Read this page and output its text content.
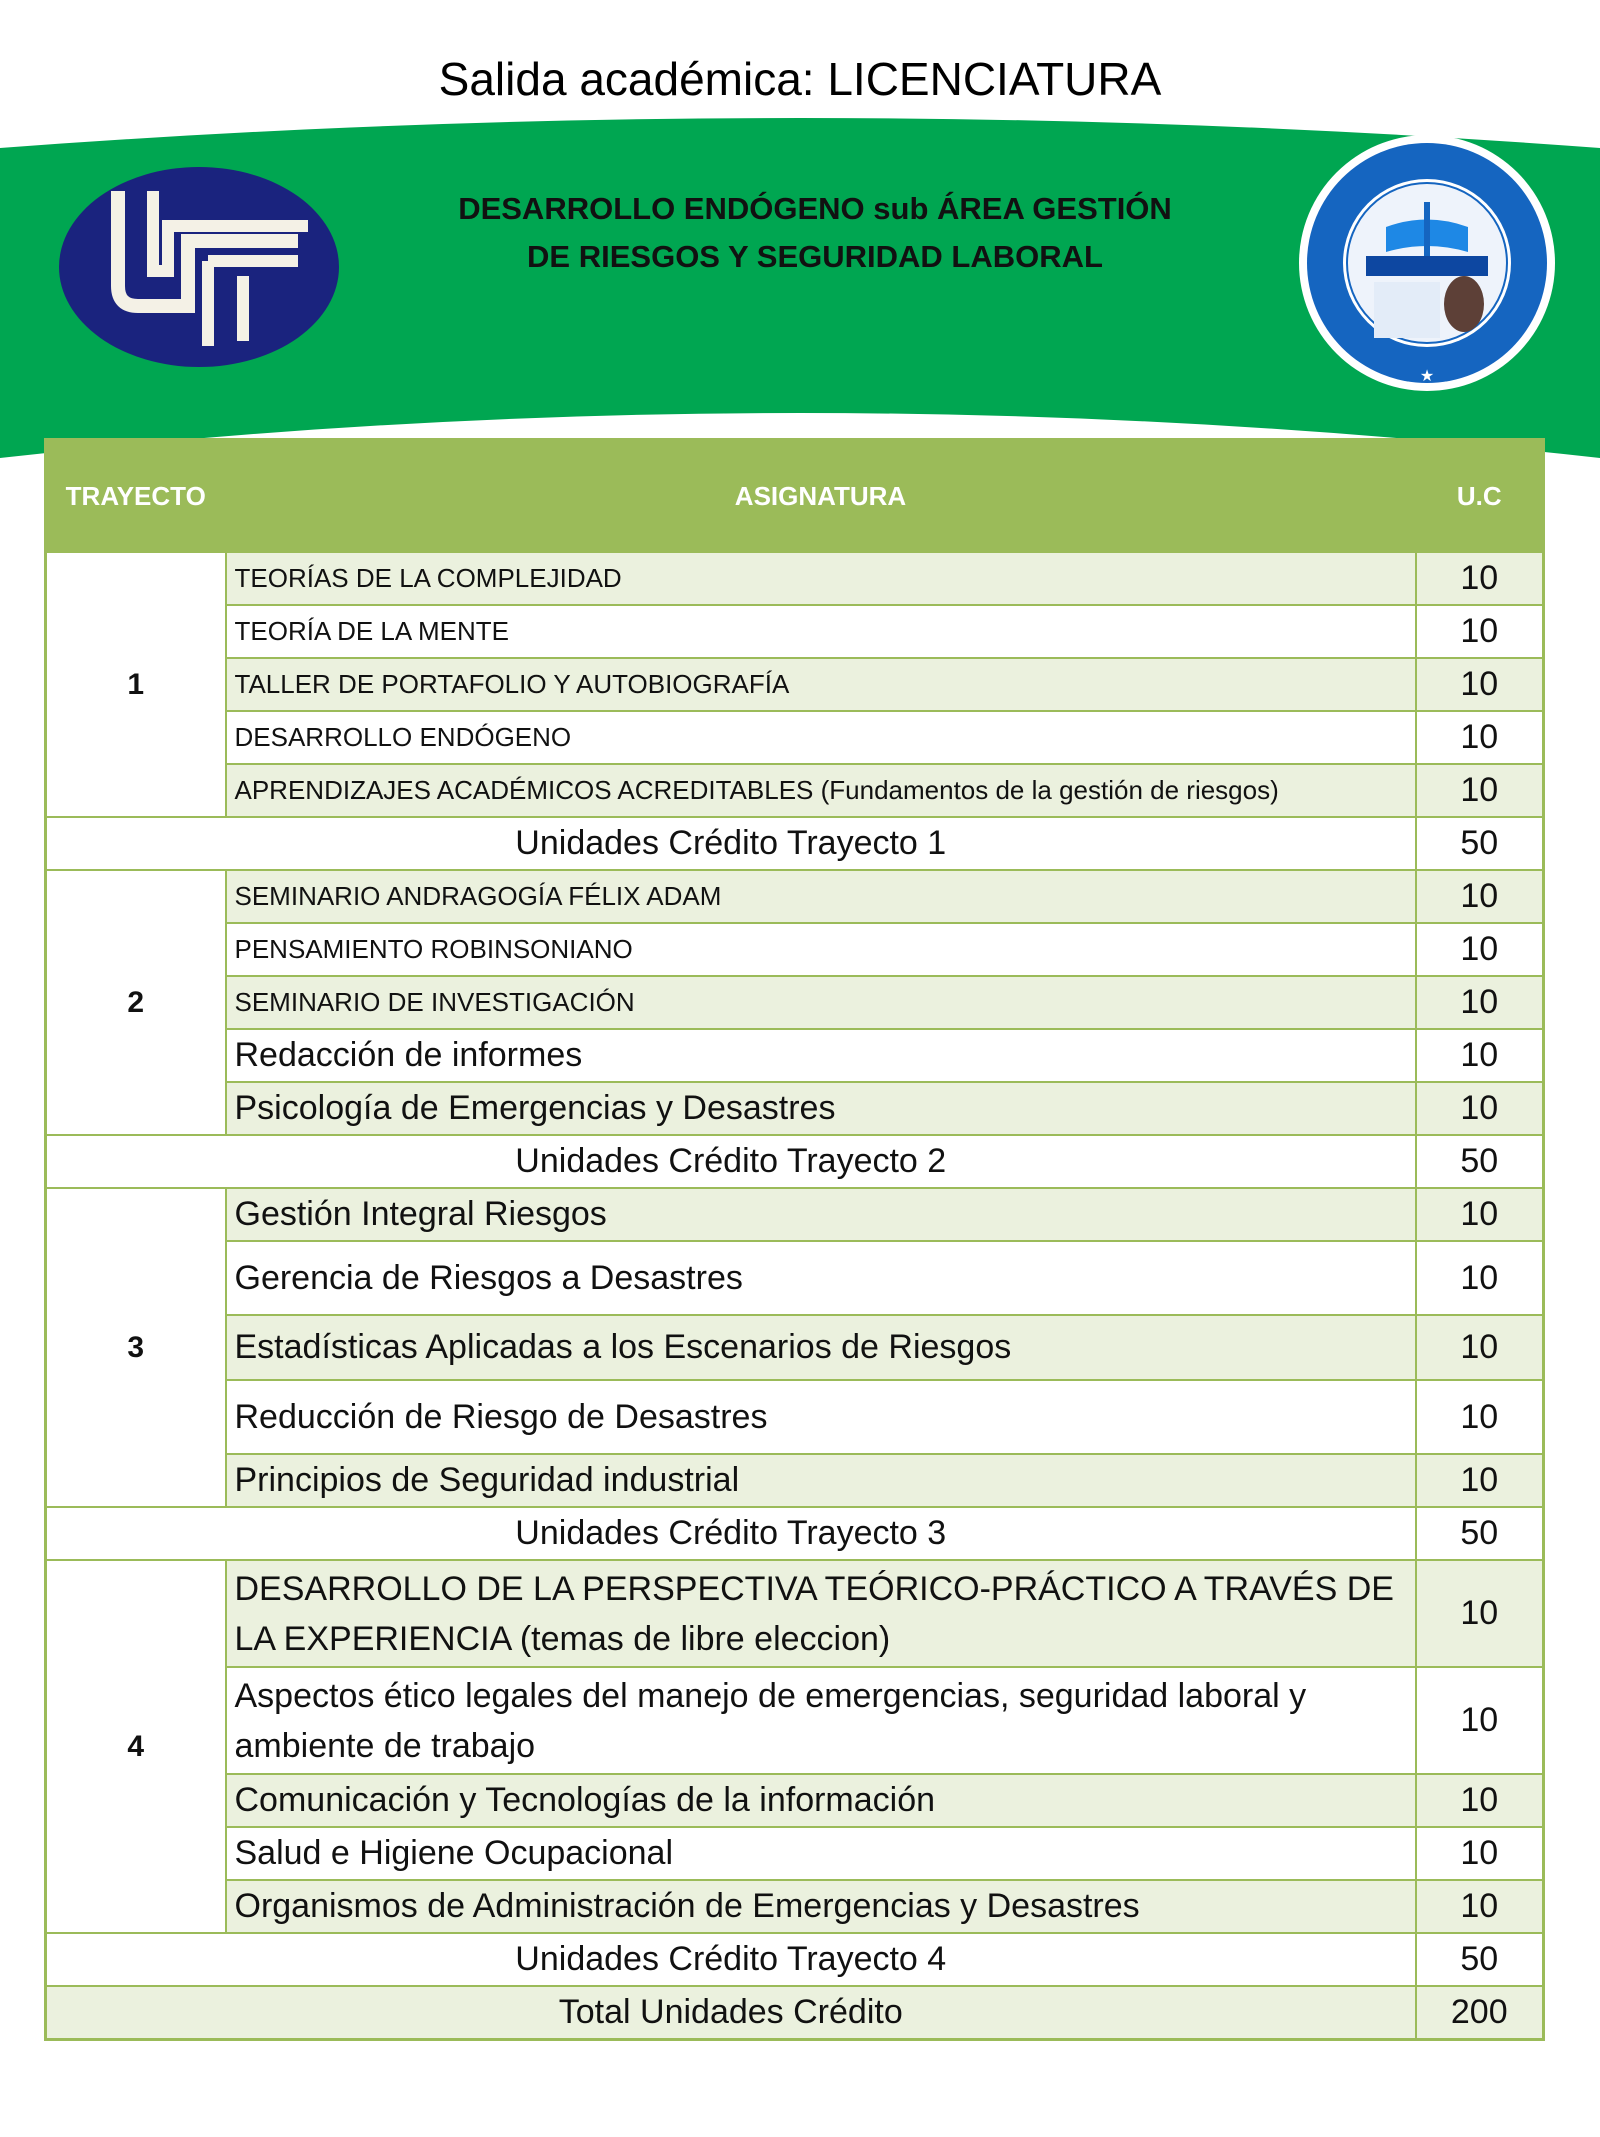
Salida académica: LICENCIATURA
DESARROLLO ENDÓGENO sub ÁREA GESTIÓN
DE RIESGOS Y SEGURIDAD LABORAL
★
TRAYECTO	ASIGNATURA	U.C
1	TEORÍAS DE LA COMPLEJIDAD	10
	TEORÍA DE LA MENTE	10
	TALLER DE PORTAFOLIO Y AUTOBIOGRAFÍA	10
	DESARROLLO ENDÓGENO	10
	APRENDIZAJES ACADÉMICOS ACREDITABLES (Fundamentos de la gestión de riesgos)	10
Unidades Crédito Trayecto 1		50
2	SEMINARIO ANDRAGOGÍA FÉLIX ADAM	10
	PENSAMIENTO ROBINSONIANO	10
	SEMINARIO DE INVESTIGACIÓN	10
	Redacción de informes	10
	Psicología de Emergencias y Desastres	10
Unidades Crédito Trayecto 2		50
3	Gestión Integral Riesgos	10
	Gerencia de Riesgos a Desastres	10
	Estadísticas Aplicadas a los Escenarios de Riesgos	10
	Reducción de Riesgo de Desastres	10
	Principios de Seguridad industrial	10
Unidades Crédito Trayecto 3		50
4	DESARROLLO DE LA PERSPECTIVA TEÓRICO-PRÁCTICO A TRAVÉS DE LA EXPERIENCIA (temas de libre eleccion)	10
	Aspectos ético legales del manejo de emergencias, seguridad laboral y ambiente de trabajo	10
	Comunicación y Tecnologías de la información	10
	Salud e Higiene Ocupacional	10
	Organismos de Administración de Emergencias y Desastres	10
Unidades Crédito Trayecto 4		50
Total Unidades Crédito		200
